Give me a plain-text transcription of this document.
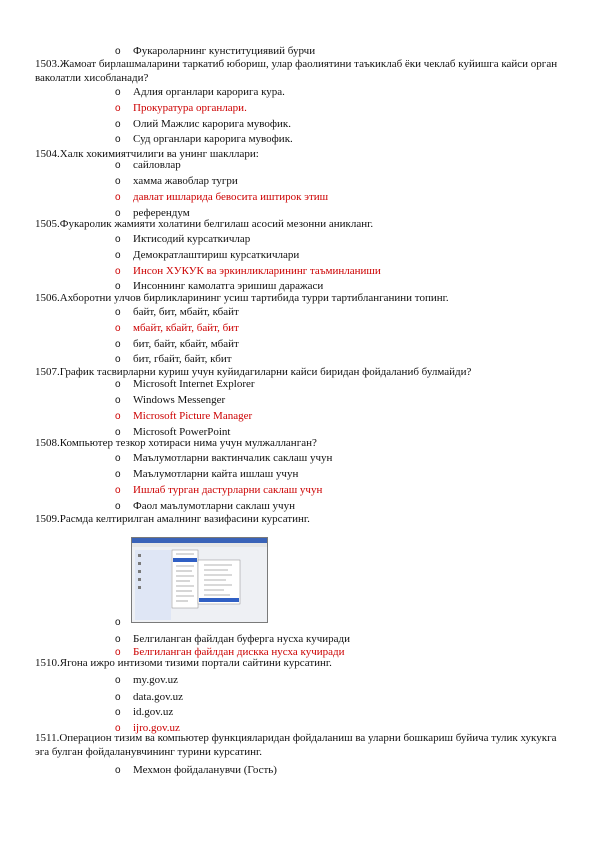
o Фукароларнинг кунституциявий бурчи
1503.Жамоат бирлашмаларини таркатиб юбориш, улар фаолиятини таъкиклаб ёки чеклаб куйишга кайси орган ваколатли хисобланади?
o Адлия органлари карорига кура.
o Прокуратура органлари.
o Олий Мажлис карорига мувофик.
o Суд органлари карорига мувофик.
1504.Халк хокимиятчилиги ва унинг шакллари:
o сайловлар
o хамма жавоблар тугри
o давлат ишларида бевосита иштирок этиш
o референдум
1505.Фукаролик жамияти холатини белгилаш асосий мезонни аникланг.
o Иктисодий курсаткичлар
o Демократлаштириш курсаткичлари
o Инсон ХУКУК ва эркинликларининг таъминланиши
o Инсоннинг камолатга эришиш даражаси
1506.Ахборотни улчов бирликларининг усиш тартибида турри тартибланганини топинг.
o байт, бит, мбайт, кбайт
o мбайт, кбайт, байт, бит
o бит, байт, кбайт, мбайт
o бит, гбайт, байт, кбит
1507.График тасвирларни куриш учун куйидагиларни кайси биридан фойдаланиб булмайди?
o Microsoft Internet Explorer
o Windows Messenger
o Microsoft Picture Manager
o Microsoft PowerPoint
1508.Компьютер тезкор хотираси нима учун мулжалланган?
o Маълумотларни вактинчалик саклаш учун
o Маълумотларни кайта ишлаш учун
o Ишлаб турган дастурларни саклаш учун
o Фаол маълумотларни саклаш учун
1509.Расмда келтирилган амалнинг вазифасини курсатинг.
o
o Белгиланган файлдан буферга нусха кучиради
o Белгиланган файлдан дискка нусха кучиради
1510.Ягона ижро интизоми тизими портали сайтини курсатинг.
o my.gov.uz
o data.gov.uz
o id.gov.uz
o ijro.gov.uz
1511.Операцион тизим ва компьютер функцияларидан фойдаланиш ва уларни бошкариш буйича тулик хукукга эга булган фойдаланувчининг турини курсатинг.
o Мехмон фойдаланувчи (Гость)
